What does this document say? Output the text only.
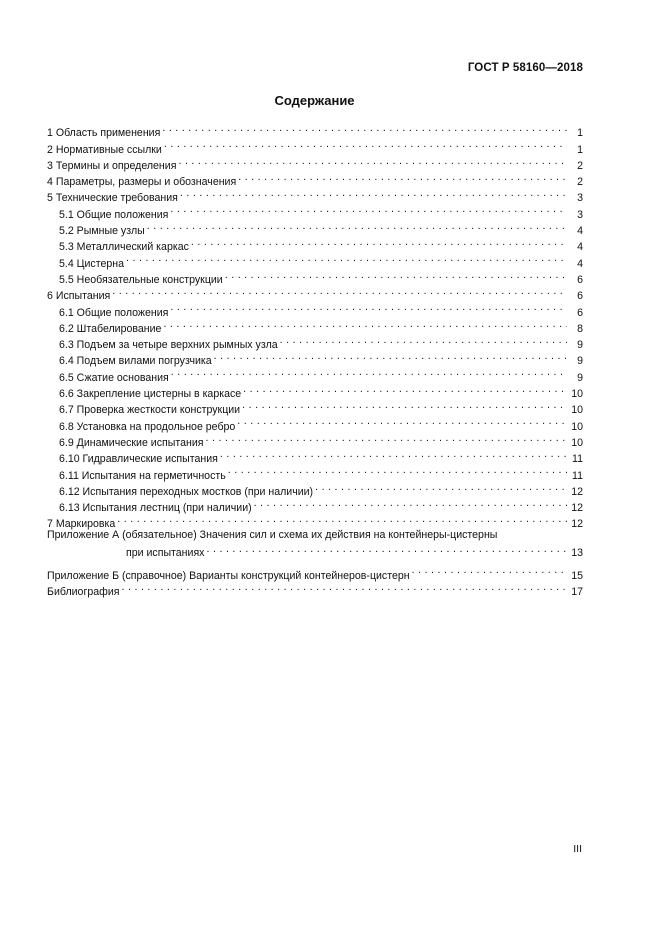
ГОСТ Р 58160—2018
Содержание
1 Область применения . . .	1
2 Нормативные ссылки . . .	1
3 Термины и определения . . .	2
4 Параметры, размеры и обозначения . . .	2
5 Технические требования . . .	3
5.1 Общие положения . . .	3
5.2 Рымные узлы . . .	4
5.3 Металлический каркас . . .	4
5.4 Цистерна . . .	4
5.5 Необязательные конструкции . . .	6
6 Испытания . . .	6
6.1 Общие положения . . .	6
6.2 Штабелирование . . .	8
6.3 Подъем за четыре верхних рымных узла . . .	9
6.4 Подъем вилами погрузчика . . .	9
6.5 Сжатие основания . . .	9
6.6 Закрепление цистерны в каркасе . . .	10
6.7 Проверка жесткости конструкции . . .	10
6.8 Установка на продольное ребро . . .	10
6.9 Динамические испытания . . .	10
6.10 Гидравлические испытания . . .	11
6.11 Испытания на герметичность . . .	11
6.12 Испытания переходных мостков (при наличии) . . .	12
6.13 Испытания лестниц (при наличии) . . .	12
7 Маркировка . . .	12
Приложение А (обязательное) Значения сил и схема их действия на контейнеры-цистерны
при испытаниях . . .	13
Приложение Б (справочное) Варианты конструкций контейнеров-цистерн . . .	15
Библиография . . .	17
III
